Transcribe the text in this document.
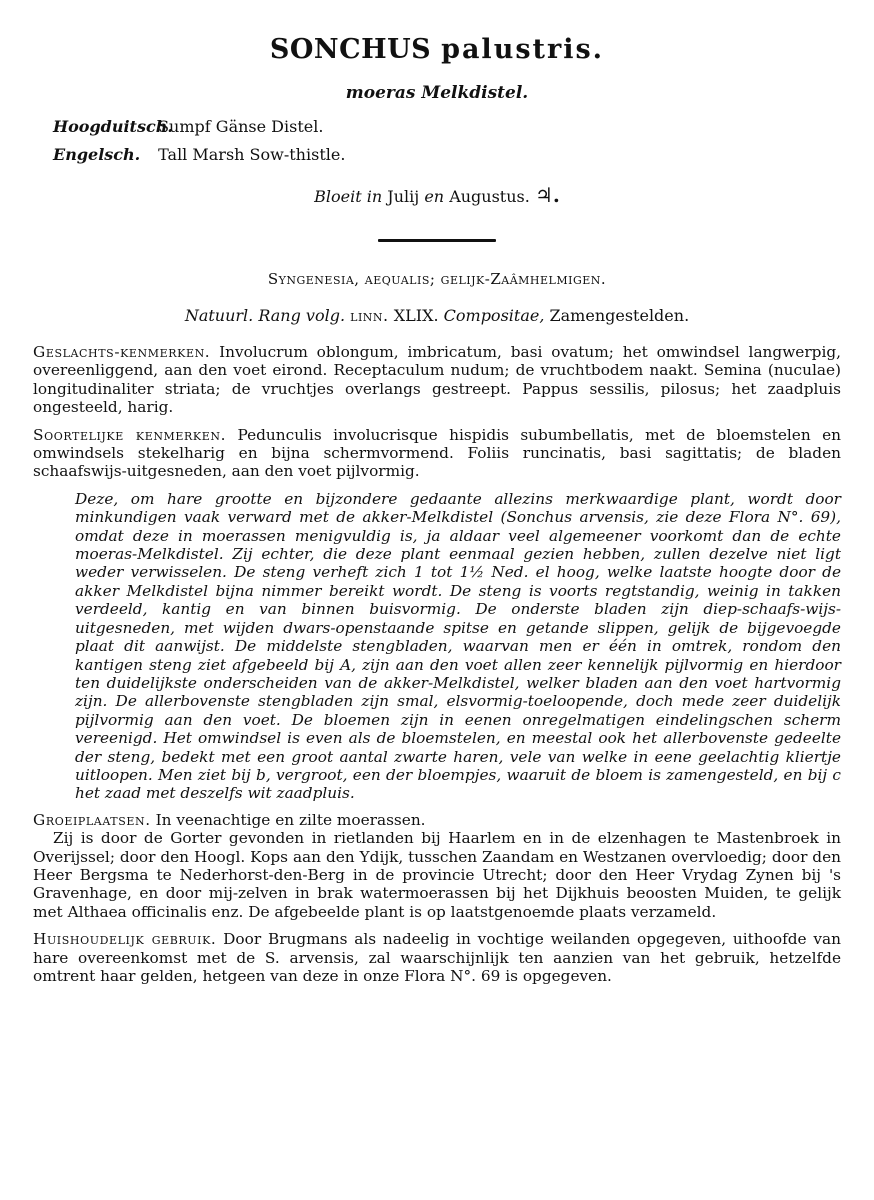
SONCHUS palustris.
moeras Melkdistel.
Hoogduitsch. Sumpf Gänse Distel.
Engelsch. Tall Marsh Sow-thistle.
Bloeit in Julij en Augustus. ♃.
Syngenesia, aequalis; gelijk-Zaâmhelmigen.
Natuurl. Rang volg. linn. XLIX. Compositae, Zamengestelden.

Geslachts-kenmerken. Involucrum oblongum, imbricatum, basi ovatum; het omwindsel langwerpig, overeenliggend, aan den voet eirond. Receptaculum nudum; de vruchtbodem naakt. Semina (nuculae) longitudinaliter striata; de vruchtjes overlangs gestreept. Pappus sessilis, pilosus; het zaadpluis ongesteeld, harig.

Soortelijke kenmerken. Pedunculis involucrisque hispidis subumbellatis, met de bloemstelen en omwindsels stekelharig en bijna schermvormend. Foliis runcinatis, basi sagittatis; de bladen schaafswijs-uitgesneden, aan den voet pijlvormig.

Deze, om hare grootte en bijzondere gedaante allezins merkwaardige plant, wordt door minkundigen vaak verward met de akker-Melkdistel (Sonchus arvensis, zie deze Flora N°. 69), omdat deze in moerassen menigvuldig is, ja aldaar veel algemeener voorkomt dan de echte moeras-Melkdistel. Zij echter, die deze plant eenmaal gezien hebben, zullen dezelve niet ligt weder verwisselen. De steng verheft zich 1 tot 1½ Ned. el hoog, welke laatste hoogte door de akker Melkdistel bijna nimmer bereikt wordt. De steng is voorts regtstandig, weinig in takken verdeeld, kantig en van binnen buisvormig. De onderste bladen zijn diep-schaafs-wijs-uitgesneden, met wijden dwars-openstaande spitse en getande slippen, gelijk de bijgevoegde plaat dit aanwijst. De middelste stengbladen, waarvan men er één in omtrek, rondom den kantigen steng ziet afgebeeld bij A, zijn aan den voet allen zeer kennelijk pijlvormig en hierdoor ten duidelijkste onderscheiden van de akker-Melkdistel, welker bladen aan den voet hartvormig zijn. De allerbovenste stengbladen zijn smal, elsvormig-toeloopende, doch mede zeer duidelijk pijlvormig aan den voet. De bloemen zijn in eenen onregelmatigen eindelingschen scherm vereenigd. Het omwindsel is even als de bloemstelen, en meestal ook het allerbovenste gedeelte der steng, bedekt met een groot aantal zwarte haren, vele van welke in eene geelachtig kliertje uitloopen. Men ziet bij b, vergroot, een der bloempjes, waaruit de bloem is zamengesteld, en bij c het zaad met deszelfs wit zaadpluis.

Groeiplaatsen. In veenachtige en zilte moerassen.

Zij is door de Gorter gevonden in rietlanden bij Haarlem en in de elzenhagen te Mastenbroek in Overijssel; door den Hoogl. Kops aan den Ydijk, tusschen Zaandam en Westzanen overvloedig; door den Heer Bergsma te Nederhorst-den-Berg in de provincie Utrecht; door den Heer Vrydag Zynen bij 's Gravenhage, en door mij-zelven in brak watermoerassen bij het Dijkhuis beoosten Muiden, te gelijk met Althaea officinalis enz. De afgebeelde plant is op laatstgenoemde plaats verzameld.

Huishoudelijk gebruik. Door Brugmans als nadeelig in vochtige weilanden opgegeven, uithoofde van hare overeenkomst met de S. arvensis, zal waarschijnlijk ten aanzien van het gebruik, hetzelfde omtrent haar gelden, hetgeen van deze in onze Flora N°. 69 is opgegeven.
